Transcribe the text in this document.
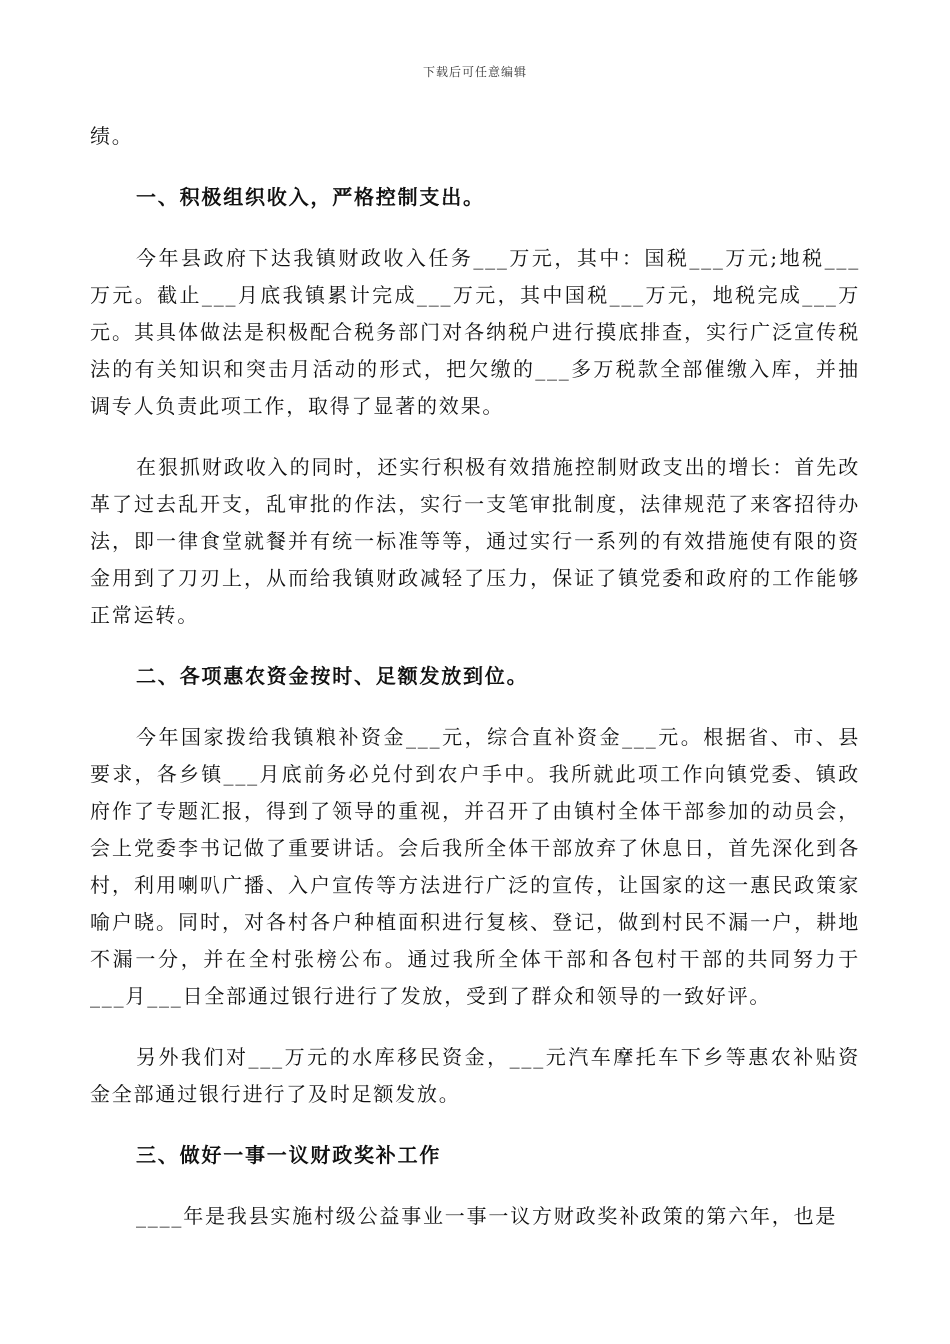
下载后可任意编辑

绩。

一、积极组织收入，严格控制支出。

今年县政府下达我镇财政收入任务___万元，其中：国税___万元;地税___万元。截止___月底我镇累计完成___万元，其中国税___万元，地税完成___万元。其具体做法是积极配合税务部门对各纳税户进行摸底排查，实行广泛宣传税法的有关知识和突击月活动的形式，把欠缴的___多万税款全部催缴入库，并抽调专人负责此项工作，取得了显著的效果。

在狠抓财政收入的同时，还实行积极有效措施控制财政支出的增长：首先改革了过去乱开支，乱审批的作法，实行一支笔审批制度，法律规范了来客招待办法，即一律食堂就餐并有统一标准等等，通过实行一系列的有效措施使有限的资金用到了刀刃上，从而给我镇财政减轻了压力，保证了镇党委和政府的工作能够正常运转。

二、各项惠农资金按时、足额发放到位。

今年国家拨给我镇粮补资金___元，综合直补资金___元。根据省、市、县要求，各乡镇___月底前务必兑付到农户手中。我所就此项工作向镇党委、镇政府作了专题汇报，得到了领导的重视，并召开了由镇村全体干部参加的动员会，会上党委李书记做了重要讲话。会后我所全体干部放弃了休息日，首先深化到各村，利用喇叭广播、入户宣传等方法进行广泛的宣传，让国家的这一惠民政策家喻户晓。同时，对各村各户种植面积进行复核、登记，做到村民不漏一户，耕地不漏一分，并在全村张榜公布。通过我所全体干部和各包村干部的共同努力于___月___日全部通过银行进行了发放，受到了群众和领导的一致好评。

另外我们对___万元的水库移民资金，___元汽车摩托车下乡等惠农补贴资金全部通过银行进行了及时足额发放。

三、做好一事一议财政奖补工作

____年是我县实施村级公益事业一事一议方财政奖补政策的第六年，也是
